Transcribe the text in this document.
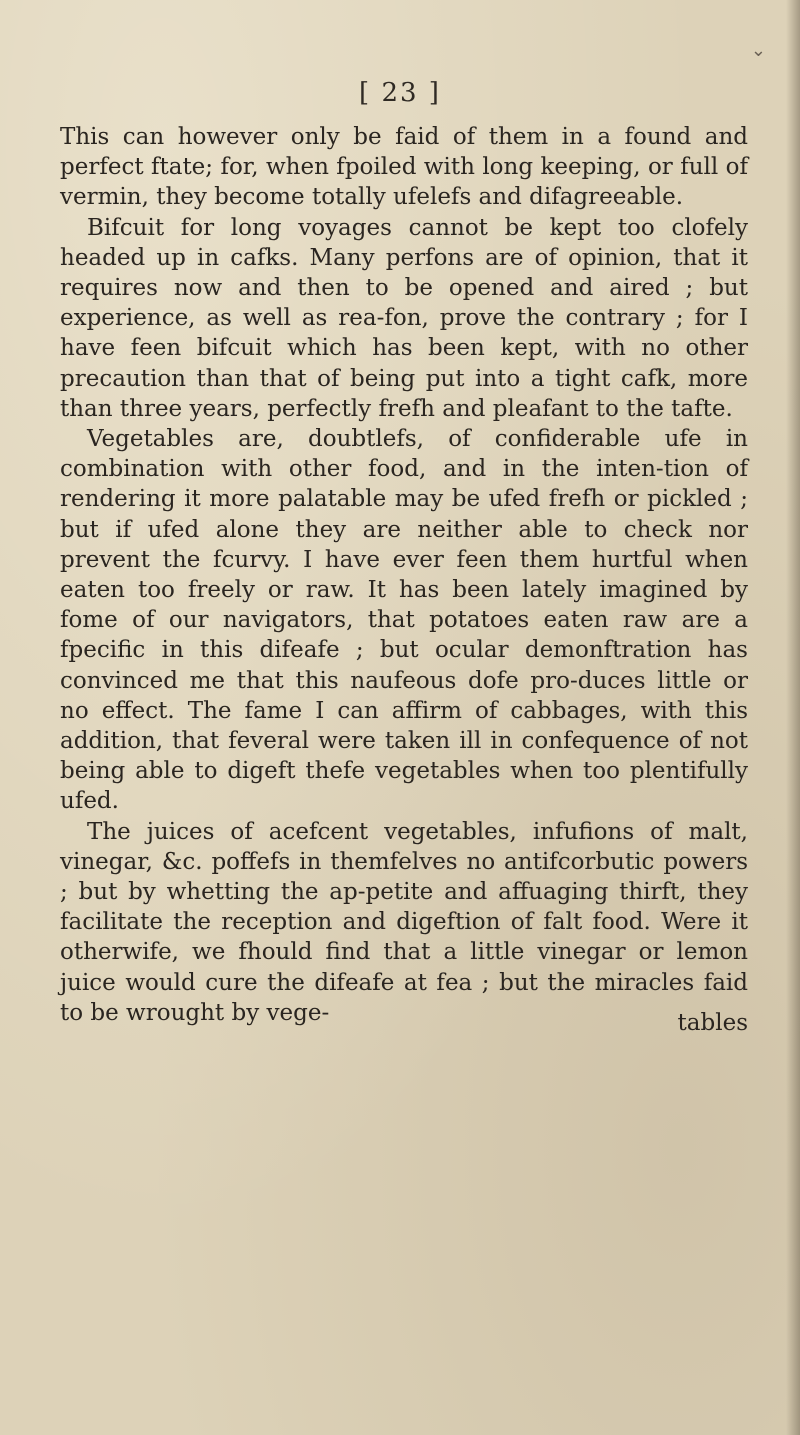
⌄
[ 23 ]

This can however only be faid of them in a found and perfect ftate; for, when fpoiled with long keeping, or full of vermin, they become totally ufelefs and difagreeable.

Bifcuit for long voyages cannot be kept too clofely headed up in cafks. Many perfons are of opinion, that it requires now and then to be opened and aired ; but experience, as well as rea-fon, prove the contrary ; for I have feen bifcuit which has been kept, with no other precaution than that of being put into a tight cafk, more than three years, perfectly frefh and pleafant to the tafte.

Vegetables are, doubtlefs, of confiderable ufe in combination with other food, and in the inten-tion of rendering it more palatable may be ufed frefh or pickled ; but if ufed alone they are neither able to check nor prevent the fcurvy. I have ever feen them hurtful when eaten too freely or raw. It has been lately imagined by fome of our navigators, that potatoes eaten raw are a fpecific in this difeafe ; but ocular demonftration has convinced me that this naufeous dofe pro-duces little or no effect. The fame I can affirm of cabbages, with this addition, that feveral were taken ill in confequence of not being able to digeft thefe vegetables when too plentifully ufed.

The juices of acefcent vegetables, infufions of malt, vinegar, &c. poffefs in themfelves no antifcorbutic powers ; but by whetting the ap-petite and affuaging thirft, they facilitate the reception and digeftion of falt food. Were it otherwife, we fhould find that a little vinegar or lemon juice would cure the difeafe at fea ; but the miracles faid to be wrought by vege-	tables
